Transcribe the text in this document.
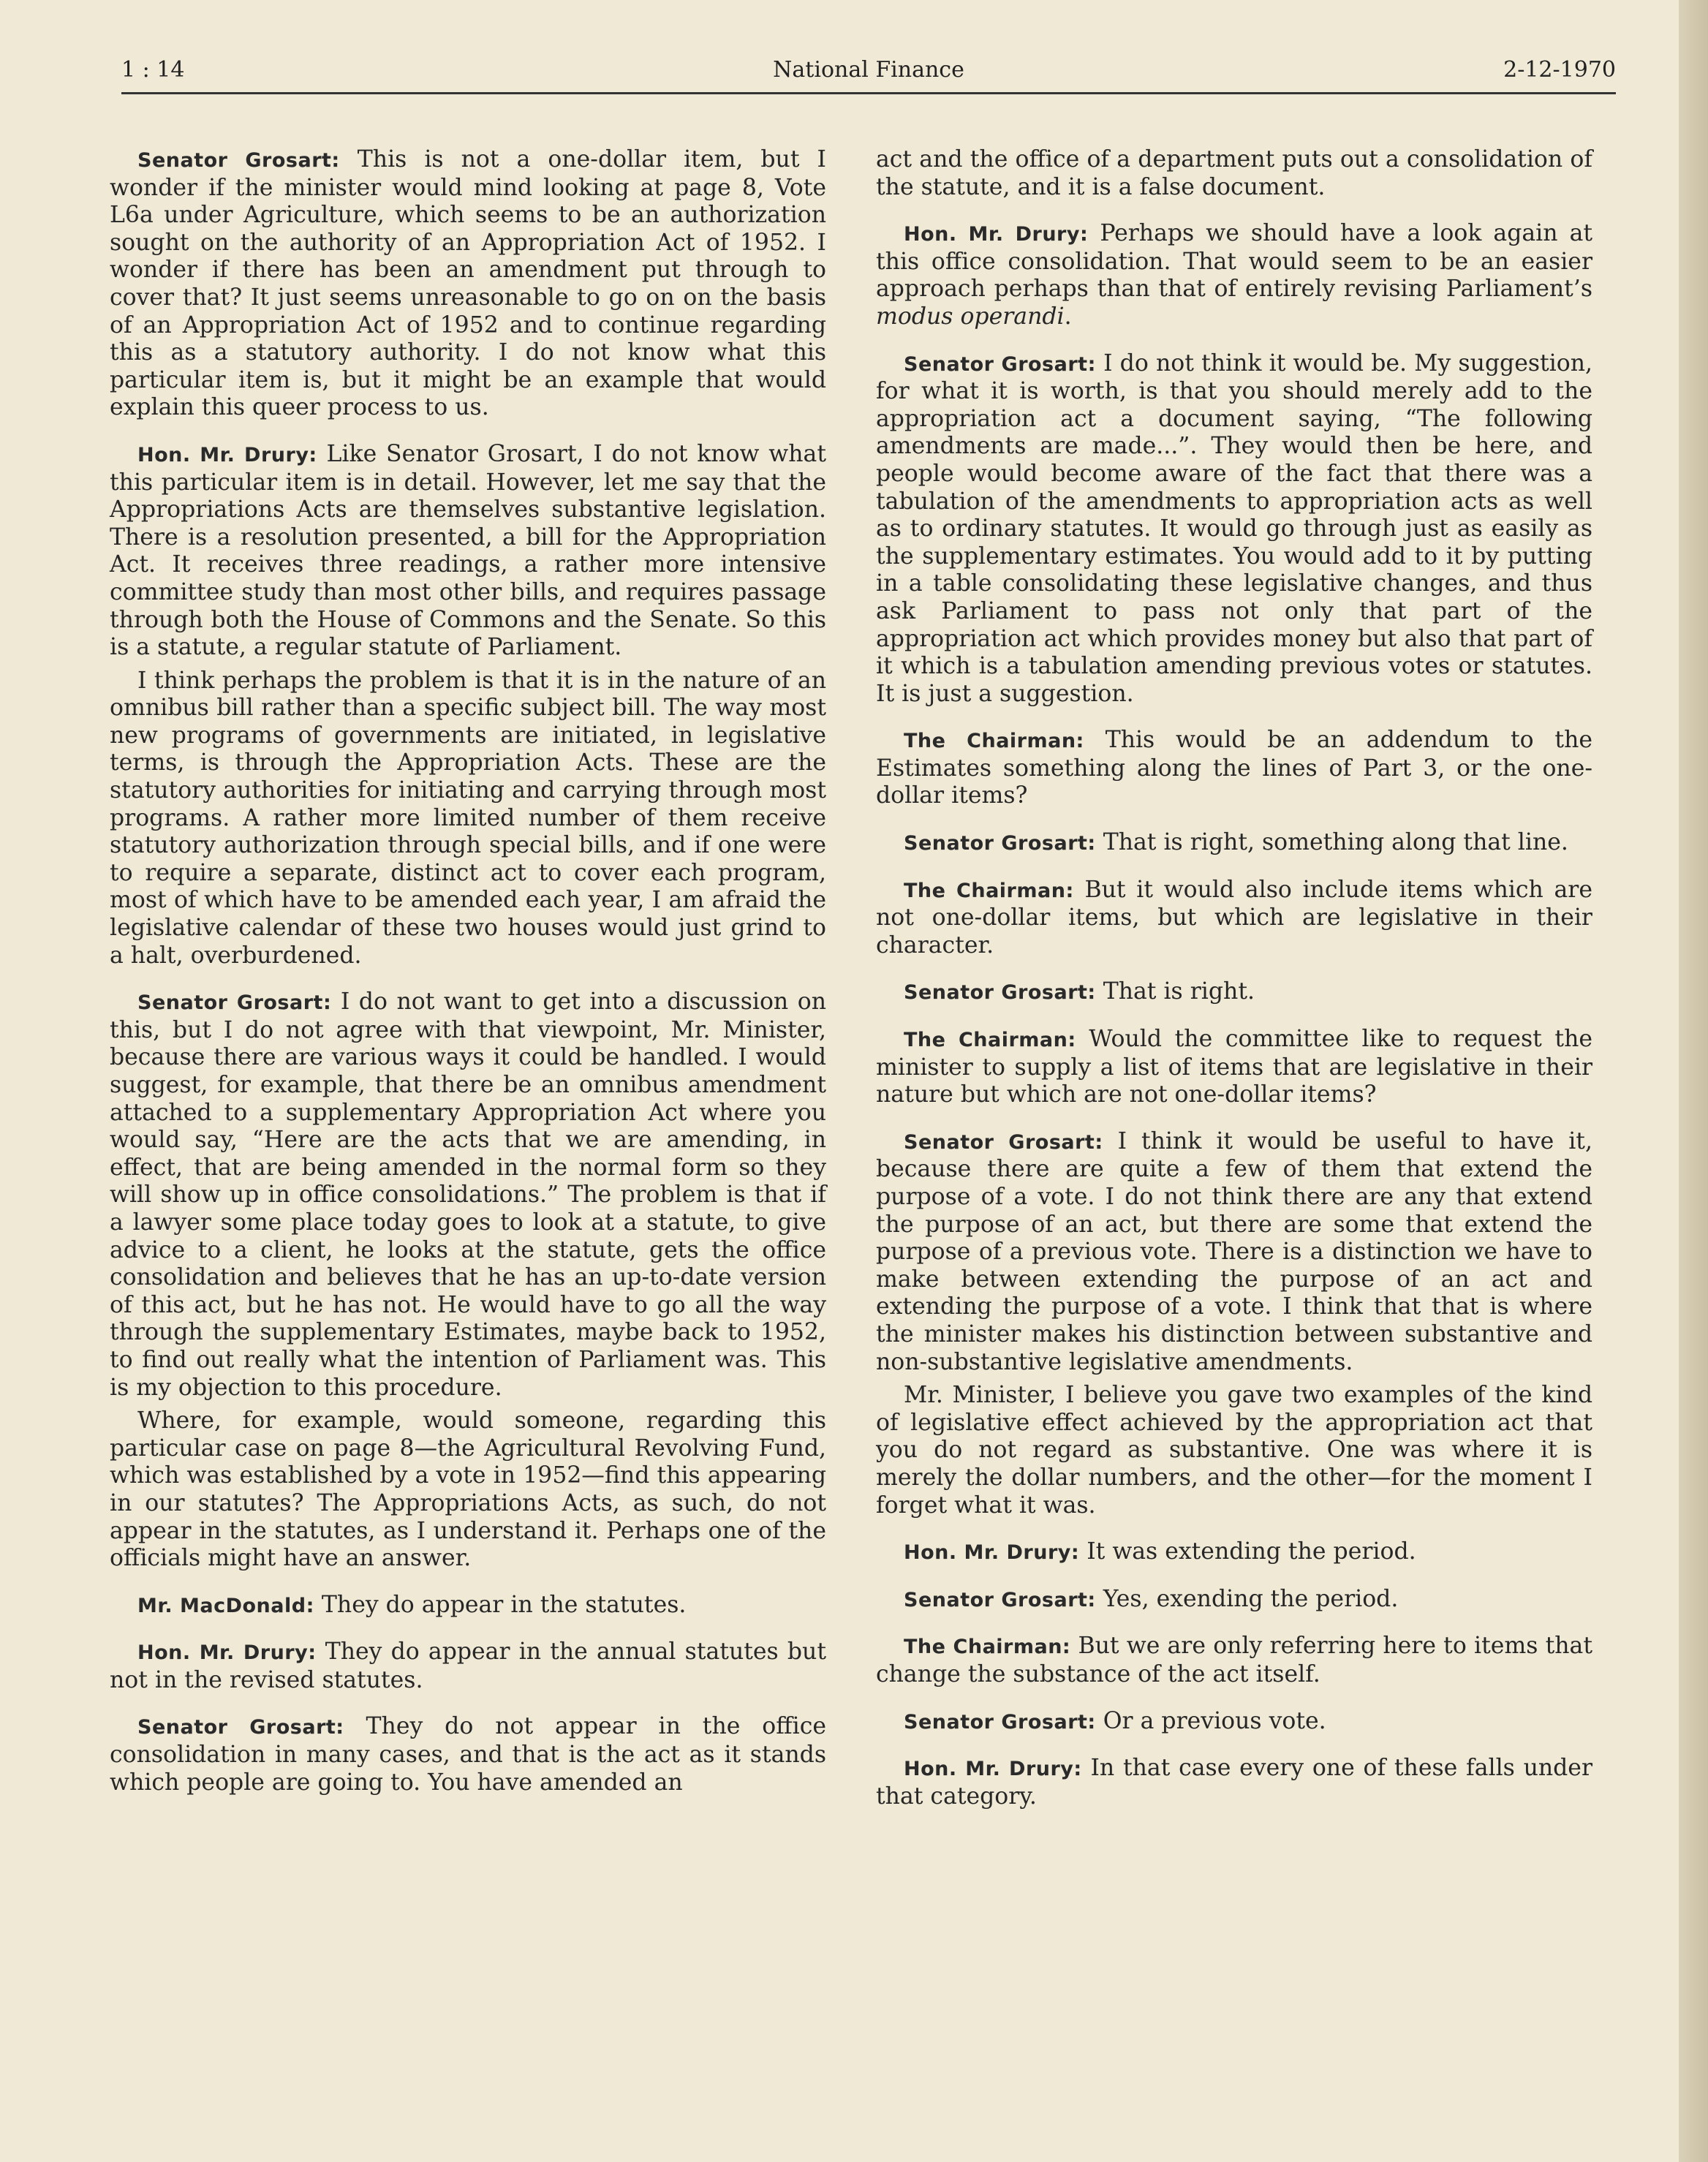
1 : 14	National Finance	2-12-1970

Senator Grosart: This is not a one-dollar item, but I wonder if the minister would mind looking at page 8, Vote L6a under Agriculture, which seems to be an authorization sought on the authority of an Appropriation Act of 1952. I wonder if there has been an amendment put through to cover that? It just seems unreasonable to go on on the basis of an Appropriation Act of 1952 and to continue regarding this as a statutory authority. I do not know what this particular item is, but it might be an example that would explain this queer process to us.

Hon. Mr. Drury: Like Senator Grosart, I do not know what this particular item is in detail. However, let me say that the Appropriations Acts are themselves substantive legislation. There is a resolution presented, a bill for the Appropriation Act. It receives three readings, a rather more intensive committee study than most other bills, and requires passage through both the House of Commons and the Senate. So this is a statute, a regular statute of Parliament.

I think perhaps the problem is that it is in the nature of an omnibus bill rather than a specific subject bill. The way most new programs of governments are initiated, in legislative terms, is through the Appropriation Acts. These are the statutory authorities for initiating and carrying through most programs. A rather more limited number of them receive statutory authorization through special bills, and if one were to require a separate, distinct act to cover each program, most of which have to be amended each year, I am afraid the legislative calendar of these two houses would just grind to a halt, overburdened.

Senator Grosart: I do not want to get into a discussion on this, but I do not agree with that viewpoint, Mr. Minister, because there are various ways it could be handled. I would suggest, for example, that there be an omnibus amendment attached to a supplementary Appropriation Act where you would say, “Here are the acts that we are amending, in effect, that are being amended in the normal form so they will show up in office consolidations.” The problem is that if a lawyer some place today goes to look at a statute, to give advice to a client, he looks at the statute, gets the office consolidation and believes that he has an up-to-date version of this act, but he has not. He would have to go all the way through the supplementary Estimates, maybe back to 1952, to find out really what the intention of Parliament was. This is my objection to this procedure.

Where, for example, would someone, regarding this particular case on page 8—the Agricultural Revolving Fund, which was established by a vote in 1952—find this appearing in our statutes? The Appropriations Acts, as such, do not appear in the statutes, as I understand it. Perhaps one of the officials might have an answer.

Mr. MacDonald: They do appear in the statutes.

Hon. Mr. Drury: They do appear in the annual statutes but not in the revised statutes.

Senator Grosart: They do not appear in the office consolidation in many cases, and that is the act as it stands which people are going to. You have amended an

act and the office of a department puts out a consolidation of the statute, and it is a false document.

Hon. Mr. Drury: Perhaps we should have a look again at this office consolidation. That would seem to be an easier approach perhaps than that of entirely revising Parliament’s modus operandi.

Senator Grosart: I do not think it would be. My suggestion, for what it is worth, is that you should merely add to the appropriation act a document saying, “The following amendments are made...”. They would then be here, and people would become aware of the fact that there was a tabulation of the amendments to appropriation acts as well as to ordinary statutes. It would go through just as easily as the supplementary estimates. You would add to it by putting in a table consolidating these legislative changes, and thus ask Parliament to pass not only that part of the appropriation act which provides money but also that part of it which is a tabulation amending previous votes or statutes. It is just a suggestion.

The Chairman: This would be an addendum to the Estimates something along the lines of Part 3, or the one-dollar items?

Senator Grosart: That is right, something along that line.

The Chairman: But it would also include items which are not one-dollar items, but which are legislative in their character.

Senator Grosart: That is right.

The Chairman: Would the committee like to request the minister to supply a list of items that are legislative in their nature but which are not one-dollar items?

Senator Grosart: I think it would be useful to have it, because there are quite a few of them that extend the purpose of a vote. I do not think there are any that extend the purpose of an act, but there are some that extend the purpose of a previous vote. There is a distinction we have to make between extending the purpose of an act and extending the purpose of a vote. I think that that is where the minister makes his distinction between substantive and non-substantive legislative amendments.

Mr. Minister, I believe you gave two examples of the kind of legislative effect achieved by the appropriation act that you do not regard as substantive. One was where it is merely the dollar numbers, and the other—for the moment I forget what it was.

Hon. Mr. Drury: It was extending the period.

Senator Grosart: Yes, exending the period.

The Chairman: But we are only referring here to items that change the substance of the act itself.

Senator Grosart: Or a previous vote.

Hon. Mr. Drury: In that case every one of these falls under that category.
